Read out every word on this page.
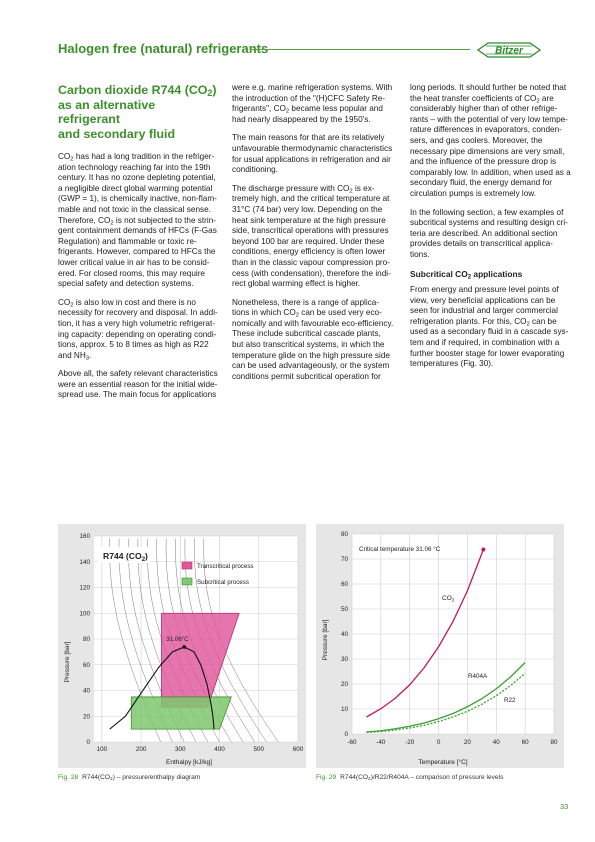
Halogen free (natural) refrigerants	Bitzer
Carbon dioxide R744 $(CO_2)$
as an alternative refrigerant
and secondary fluid

$CO_2$ has had a long tradition in the refriger-ation technology reaching far into the 19th century. It has no ozone depleting potential, a negligible direct global warming potential (GWP = 1), is chemically inactive, non-flam-mable and not toxic in the classical sense. Therefore, $CO_2$ is not subjected to the strin-gent containment demands of HFCs (F-Gas Regulation) and flammable or toxic re-frigerants. However, compared to HFCs the lower critical value in air has to be consid-ered. For closed rooms, this may require special safety and detection systems.

$CO_2$ is also low in cost and there is no necessity for recovery and disposal. In addi-tion, it has a very high volumetric refrigerat-ing capacity: depending on operating condi-tions, approx. 5 to 8 times as high as R22 and $NH_3$.

Above all, the safety relevant characteristics were an essential reason for the initial wide-spread use. The main focus for applications

were e.g. marine refrigeration systems. With the introduction of the "(H)CFC Safety Re-frigerants", $CO_2$ became less popular and had nearly disappeared by the 1950's.

The main reasons for that are its relatively unfavourable thermodynamic characteristics for usual applications in refrigeration and air conditioning.

The discharge pressure with $CO_2$ is ex-tremely high, and the critical temperature at 31°C (74 bar) very low. Depending on the heat sink temperature at the high pressure side, transcritical operations with pressures beyond 100 bar are required. Under these conditions, energy efficiency is often lower than in the classic vapour compression pro-cess (with condensation), therefore the indi-rect global warming effect is higher.

Nonetheless, there is a range of applica-tions in which $CO_2$ can be used very eco-nomically and with favourable eco-efficiency. These include subcritical cascade plants, but also transcritical systems, in which the temperature glide on the high pressure side can be used advantageously, or the system conditions permit subcritical operation for

long periods. It should further be noted that the heat transfer coefficients of $CO_2$ are considerably higher than of other refrige-rants – with the potential of very low tempe-rature differences in evaporators, conden-sers, and gas coolers. Moreover, the necessary pipe dimensions are very small, and the influence of the pressure drop is comparably low. In addition, when used as a secondary fluid, the energy demand for circulation pumps is extremely low.

In the following section, a few examples of subcritical systems and resulting design cri-teria are described. An additional section provides details on transcritical applica-tions.

Subcritical $CO_2$ applications

From energy and pressure level points of view, very beneficial applications can be seen for industrial and larger commercial refrigeration plants. For this, $CO_2$ can be used as a secondary fluid in a cascade sys-tem and if required, in combination with a further booster stage for lower evaporating temperatures (Fig. 30).

31.06°C
0
20
40
60
80
100
120
140
160
100	200	300	400	500	600
R744 $(CO_2)$
Transcritical process
Subcritical process
Pressure [bar]
Enthalpy [kJ/kg]
Fig. 28 $R744(CO_2)$ – pressure/enthalpy diagram
0
10
20
30
40
50
60
70
80
-60	-40	-20	0	20	40	60	80
Critical temperature 31.06 °C
$CO_2$
R404A
R22
Pressure [bar]
Temperature [°C]
Fig. 29 $R744(CO_2)/R22/R404A$ – comparison of pressure levels
33
